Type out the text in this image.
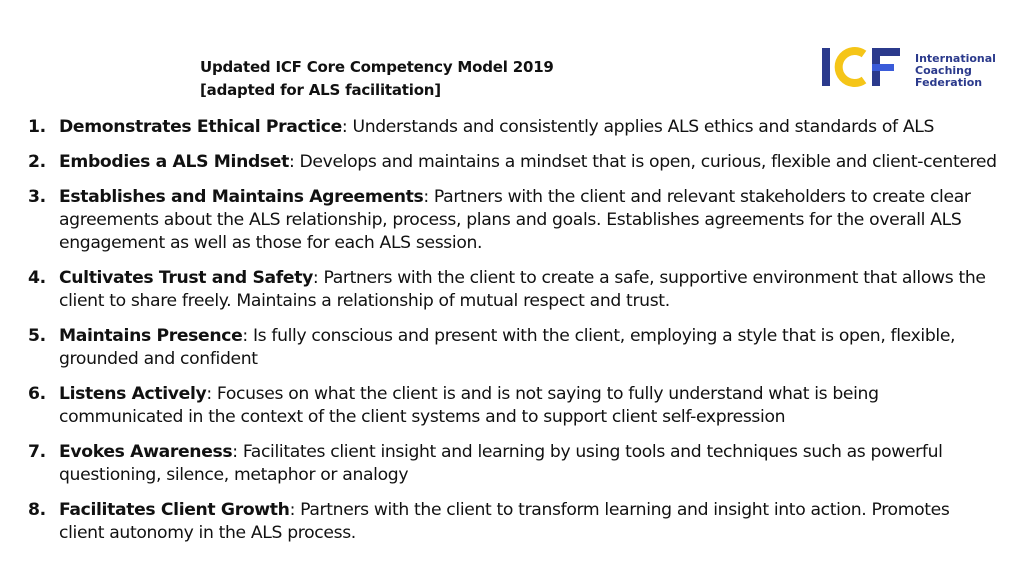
Updated ICF Core Competency Model 2019
[adapted for ALS facilitation]
International
Coaching
Federation
1. Demonstrates Ethical Practice: Understands and consistently applies ALS ethics and standards of ALS
2. Embodies a ALS Mindset: Develops and maintains a mindset that is open, curious, flexible and client-centered
3. Establishes and Maintains Agreements: Partners with the client and relevant stakeholders to create clear agreements about the ALS relationship, process, plans and goals. Establishes agreements for the overall ALS engagement as well as those for each ALS session.
4. Cultivates Trust and Safety: Partners with the client to create a safe, supportive environment that allows the client to share freely. Maintains a relationship of mutual respect and trust.
5. Maintains Presence: Is fully conscious and present with the client, employing a style that is open, flexible, grounded and confident
6. Listens Actively: Focuses on what the client is and is not saying to fully understand what is being communicated in the context of the client systems and to support client self-expression
7. Evokes Awareness: Facilitates client insight and learning by using tools and techniques such as powerful questioning, silence, metaphor or analogy
8. Facilitates Client Growth: Partners with the client to transform learning and insight into action. Promotes client autonomy in the ALS process.
